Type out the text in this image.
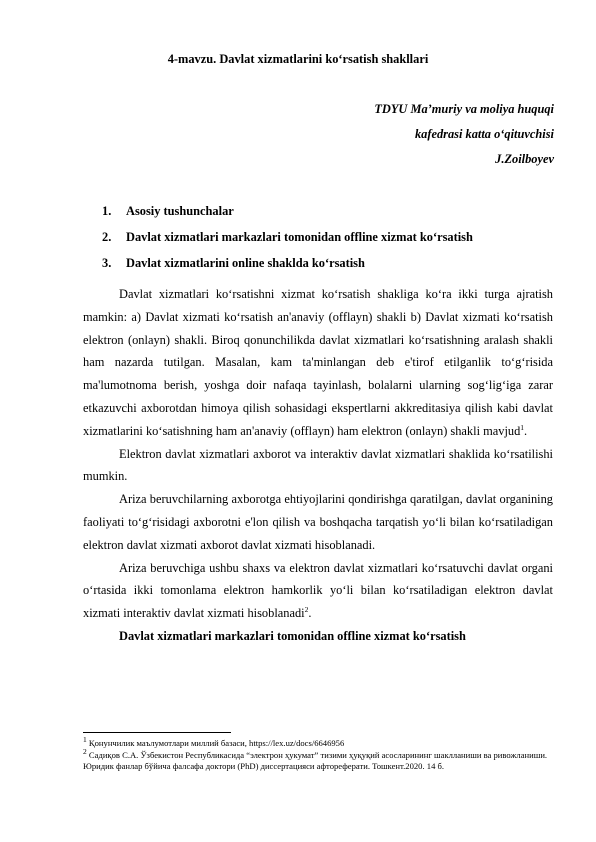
4-mavzu. Davlat xizmatlarini koʻrsatish shakllari
TDYU Ma’muriy va moliya huquqi
kafedrasi katta oʻqituvchisi
J.Zoilboyev
1. Asosiy tushunchalar
2. Davlat xizmatlari markazlari tomonidan offline xizmat koʻrsatish
3. Davlat xizmatlarini online shaklda koʻrsatish

Davlat xizmatlari koʻrsatishni xizmat koʻrsatish shakliga koʻra ikki turga ajratish mamkin: a) Davlat xizmati koʻrsatish an'anaviy (offlayn) shakli b) Davlat xizmati koʻrsatish elektron (onlayn) shakli. Biroq qonunchilikda davlat xizmatlari koʻrsatishning aralash shakli ham nazarda tutilgan. Masalan, kam ta'minlangan deb e'tirof etilganlik toʻgʻrisida ma'lumotnoma berish, yoshga doir nafaqa tayinlash, bolalarni ularning sogʻligʻiga zarar etkazuvchi axborotdan himoya qilish sohasidagi ekspertlarni akkreditasiya qilish kabi davlat xizmatlarini koʻsatishning ham an'anaviy (offlayn) ham elektron (onlayn) shakli mavjud$^1$.

Elektron davlat xizmatlari axborot va interaktiv davlat xizmatlari shaklida koʻrsatilishi mumkin.

Ariza beruvchilarning axborotga ehtiyojlarini qondirishga qaratilgan, davlat organining faoliyati toʻgʻrisidagi axborotni e'lon qilish va boshqacha tarqatish yoʻli bilan koʻrsatiladigan elektron davlat xizmati axborot davlat xizmati hisoblanadi.

Ariza beruvchiga ushbu shaxs va elektron davlat xizmatlari koʻrsatuvchi davlat organi oʻrtasida ikki tomonlama elektron hamkorlik yoʻli bilan koʻrsatiladigan elektron davlat xizmati interaktiv davlat xizmati hisoblanadi$^2$.

Davlat xizmatlari markazlari tomonidan offline xizmat koʻrsatish

$^1$ Қонунчилик маълумотлари миллий базаси, https://lex.uz/docs/6646956
$^2$ Садиқов С.А. Ўзбекистон Республикасида “электрон ҳукумат” тизими ҳуқуқий асосларининг шаклланиши ва ривожланиши. Юридик фанлар бўйича фалсафа доктори (PhD) диссертацияси афтореферати. Тошкент.2020. 14 б.
